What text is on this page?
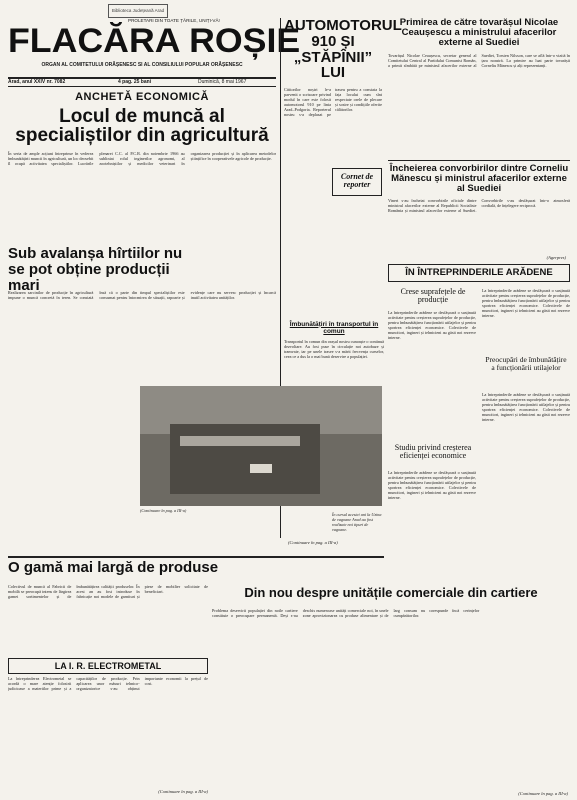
Biblioteca Județeană Arad
PROLETARI DIN TOATE ȚĂRILE, UNIȚI-VĂ!
FLACĂRA ROȘIE
ORGAN AL COMITETULUI ORĂȘENESC SI AL CONSILIULUI POPULAR ORĂȘENESC
Arad, anul XXIV nr. 7082	4 pag. 25 bani	Duminică, 8 mai 1967
ANCHETĂ ECONOMICĂ
Locul de muncă al specialiștilor din agricultură
În seria de ample acțiuni întreprinse în vederea îmbunătățirii muncii în agricultură, un loc deosebit îl ocupă activitatea specialiștilor. Lucrările plenarei C.C. al P.C.R. din noiembrie 1966 au subliniat rolul inginerilor agronomi, al zootehniștilor și medicilor veterinari în organizarea producției și în aplicarea metodelor științifice în cooperativele agricole de producție.
Sub avalanșa hîrtiilor nu se pot obține producții mari
Realizarea sarcinilor de producție în agricultură impune o muncă concretă în teren. Se constată însă că o parte din timpul specialiștilor este consumat pentru întocmirea de situații, rapoarte și evidențe care nu servesc producției și încarcă inutil activitatea unităților.
AUTOMOTORUL 910 ȘI „STĂPÎNII” LUI
Cititorilor noștri le-a parvenit o scrisoare privind modul în care este folosit automotorul 910 pe linia Arad–Podgoria. Reporterul nostru s-a deplasat pe traseu pentru a constata la fața locului cum sînt respectate orele de plecare și sosire și condițiile oferite călătorilor.
Cornet de reporter
Primirea de către tovarășul Nicolae Ceaușescu a ministrului afacerilor externe al Suediei
Tovarășul Nicolae Ceaușescu, secretar general al Comitetului Central al Partidului Comunist Român, a primit sîmbătă pe ministrul afacerilor externe al Suediei, Torsten Nilsson, care se află într-o vizită în țara noastră. La primire au luat parte tovarășii Corneliu Mănescu și alți reprezentanți.
Încheierea convorbirilor dintre Corneliu Mănescu și ministrul afacerilor externe al Suediei
Vineri s-au încheiat convorbirile oficiale dintre ministrul afacerilor externe al Republicii Socialiste România și ministrul afacerilor externe al Suediei. Convorbirile s-au desfășurat într-o atmosferă cordială, de înțelegere reciprocă.
(Agerpres)
ÎN ÎNTREPRINDERILE ARĂDENE
Crese suprafețele de producție
La întreprinderile arădene se desfășoară o susținută activitate pentru creșterea suprafețelor de producție, pentru îmbunătățirea funcționării utilajelor și pentru sporirea eficienței economice. Colectivele de muncitori, ingineri și tehnicieni au găsit noi rezerve interne.
Studiu privind creșterea eficienței economice
La întreprinderile arădene se desfășoară o susținută activitate pentru creșterea suprafețelor de producție, pentru îmbunătățirea funcționării utilajelor și pentru sporirea eficienței economice. Colectivele de muncitori, ingineri și tehnicieni au găsit noi rezerve interne.
La întreprinderile arădene se desfășoară o susținută activitate pentru creșterea suprafețelor de producție, pentru îmbunătățirea funcționării utilajelor și pentru sporirea eficienței economice. Colectivele de muncitori, ingineri și tehnicieni au găsit noi rezerve interne.
Preocupări de îmbunătățire a funcționării utilajelor
La întreprinderile arădene se desfășoară o susținută activitate pentru creșterea suprafețelor de producție, pentru îmbunătățirea funcționării utilajelor și pentru sporirea eficienței economice. Colectivele de muncitori, ingineri și tehnicieni au găsit noi rezerve interne.
Îmbunătățiri în transportul în comun
Transportul în comun din orașul nostru cunoaște o continuă dezvoltare. Au fost puse în circulație noi autobuze și tramvaie, iar pe unele trasee s-a mărit frecvența curselor, ceea ce a dus la o mai bună deservire a populației.
(Continuare în pag. a III-a)
În cursul acestei ani la Uzina de vagoane Arad au fost realizate noi tipuri de vagoane.
O gamă mai largă de produse
Colectivul de muncă al Fabricii de mobilă se preocupă intens de lărgirea gamei sortimentelor și de îmbunătățirea calității produselor. În acest an au fost introduse în fabricație noi modele de garnituri și piese de mobilier solicitate de beneficiari.
LA I. R. ELECTROMETAL
La întreprinderea Electrometal se acordă o mare atenție folosirii judicioase a materiilor prime și a capacităților de producție. Prin aplicarea unor măsuri tehnico-organizatorice s-au obținut importante economii la prețul de cost.
(Continuare în pag. a III-a)
Din nou despre unitățile comerciale din cartiere
Problema deservirii populației din noile cartiere constituie o preocupare permanentă. Deși s-au deschis numeroase unități comerciale noi, în unele zone aprovizionarea cu produse alimentare și de larg consum nu corespunde încă cerințelor cumpărătorilor.
(Continuare în pag. a III-a)
(Continuare în pag. a III-a)
